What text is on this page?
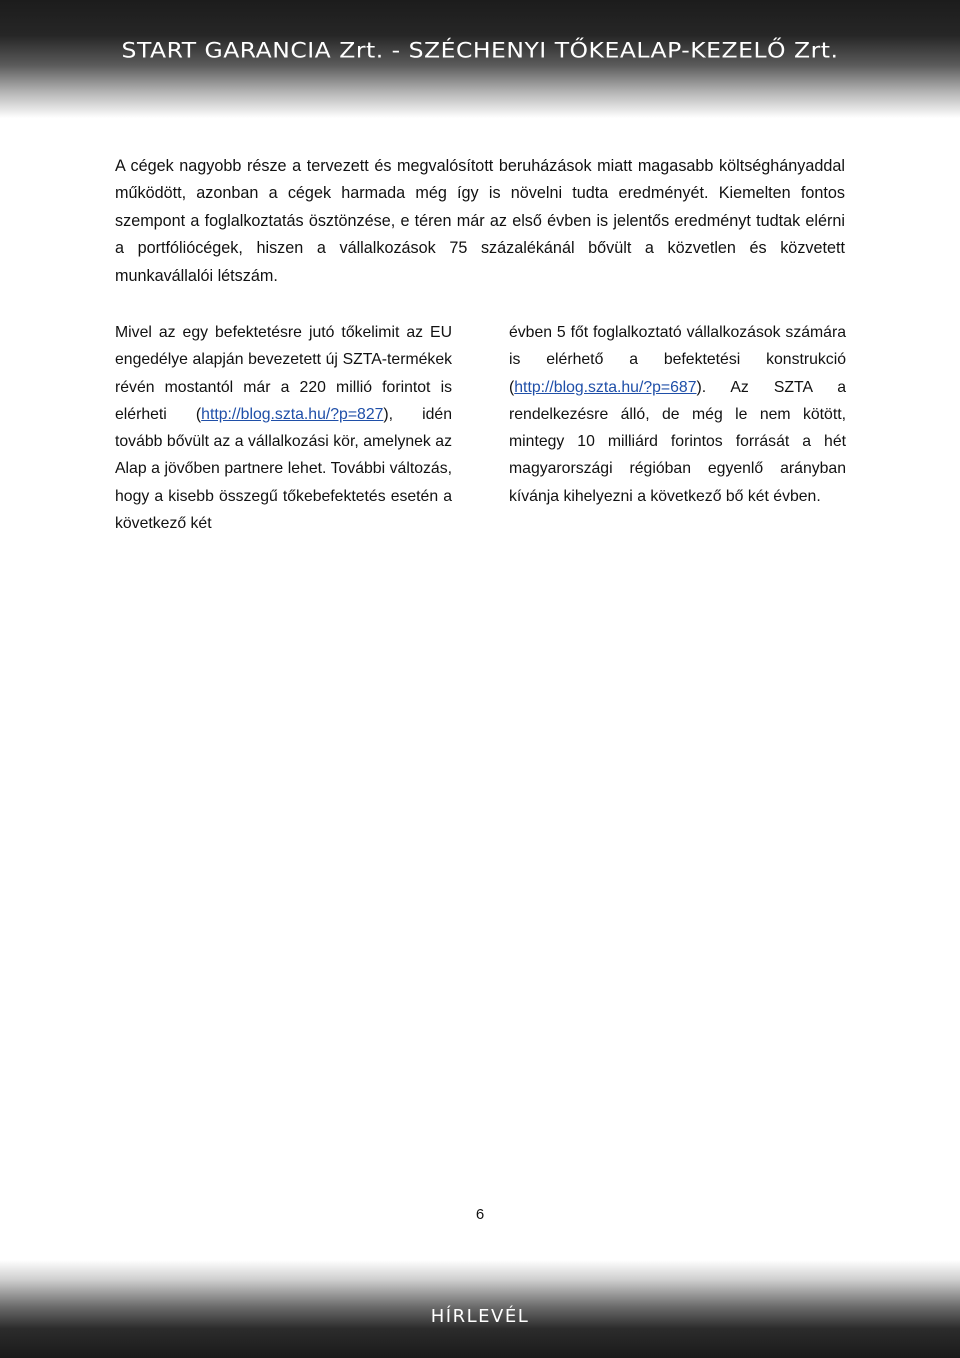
START GARANCIA Zrt. - SZÉCHENYI TŐKEALAP-KEZELŐ Zrt.

A cégek nagyobb része a tervezett és megvalósított beruházások miatt magasabb költséghányaddal működött, azonban a cégek harmada még így is növelni tudta eredményét. Kiemelten fontos szempont a foglalkoztatás ösztönzése, e téren már az első évben is jelentős eredményt tudtak elérni a portfóliócégek, hiszen a vállalkozások 75 százalékánál bővült a közvetlen és közvetett munkavállalói létszám.

Mivel az egy befektetésre jutó tőkelimit az EU engedélye alapján bevezetett új SZTA-termékek révén mostantól már a 220 millió forintot is elérheti (http://blog.szta.hu/?p=827), idén tovább bővült az a vállalkozási kör, amelynek az Alap a jövőben partnere lehet. További változás, hogy a kisebb összegű tőkebefektetés esetén a következő két

évben 5 főt foglalkoztató vállalkozások számára is elérhető a befektetési konstrukció (http://blog.szta.hu/?p=687). Az SZTA a rendelkezésre álló, de még le nem kötött, mintegy 10 milliárd forintos forrását a hét magyarországi régióban egyenlő arányban kívánja kihelyezni a következő bő két évben.

6
HÍRLEVÉL
